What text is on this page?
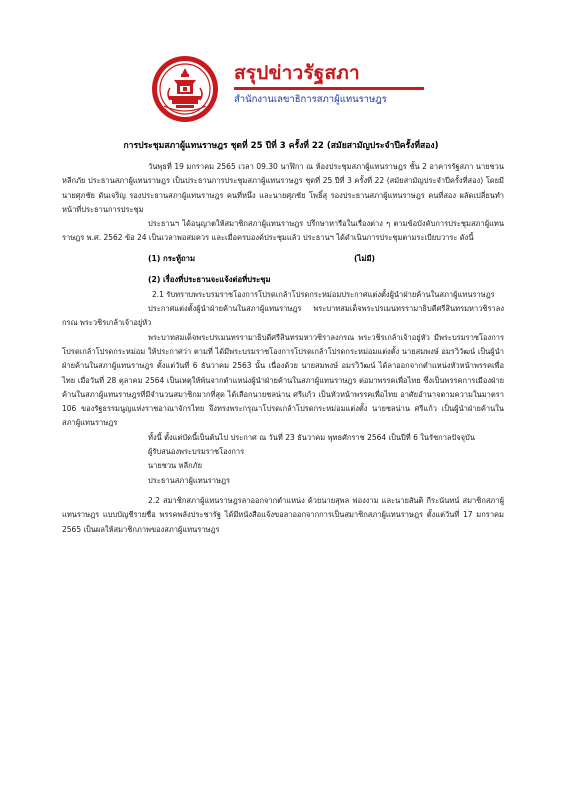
สรุปข่าวรัฐสภา
สำนักงานเลขาธิการสภาผู้แทนราษฎร
การประชุมสภาผู้แทนราษฎร ชุดที่ 25 ปีที่ 3 ครั้งที่ 22 (สมัยสามัญประจำปีครั้งที่สอง)

วันพุธที่ 19 มกราคม 2565 เวลา 09.30 นาฬิกา ณ ห้องประชุมสภาผู้แทนราษฎร ชั้น 2 อาคารรัฐสภา นายชวน หลีกภัย ประธานสภาผู้แทนราษฎร เป็นประธานการประชุมสภาผู้แทนราษฎร ชุดที่ 25 ปีที่ 3 ครั้งที่ 22 (สมัยสามัญประจำปีครั้งที่สอง) โดยมี นายศุภชัย ดันเจริญ รองประธานสภาผู้แทนราษฎร คนที่หนึ่ง และนายศุภชัย โพธิ์สุ รองประธานสภาผู้แทนราษฎร คนที่สอง ผลัดเปลี่ยนทำหน้าที่ประธานการประชุม

ประธานฯ ได้อนุญาตให้สมาชิกสภาผู้แทนราษฎร ปรึกษาหารือในเรื่องต่าง ๆ ตามข้อบังคับการประชุมสภาผู้แทนราษฎร พ.ศ. 2562 ข้อ 24 เป็นเวลาพอสมควร และเมื่อครบองค์ประชุมแล้ว ประธานฯ ได้ดำเนินการประชุมตามระเบียบวาระ ดังนี้

(1) กระทู้ถาม	(ไม่มี)
(2) เรื่องที่ประธานจะแจ้งต่อที่ประชุม

2.1 รับทราบพระบรมราชโองการโปรดเกล้าโปรดกระหม่อมประกาศแต่งตั้งผู้นำฝ่ายค้านในสภาผู้แทนราษฎร

ประกาศแต่งตั้งผู้นำฝ่ายค้านในสภาผู้แทนราษฎร พระบาทสมเด็จพระปรเมนทรรามาธิบดีศรีสินทรมหาวชิราลงกรณ พระวชิรเกล้าเจ้าอยู่หัว

พระบาทสมเด็จพระปรเมนทรรามาธิบดีศรีสินทรมหาวชิราลงกรณ พระวชิรเกล้าเจ้าอยู่หัว มีพระบรมราชโองการโปรดเกล้าโปรดกระหม่อม ให้ประกาศว่า ตามที่ ได้มีพระบรมราชโองการโปรดเกล้าโปรดกระหม่อมแต่งตั้ง นายสมพงษ์ อมรวิวัฒน์ เป็นผู้นำฝ่ายค้านในสภาผู้แทนราษฎร ตั้งแต่วันที่ 6 ธันวาคม 2563 นั้น เนื่องด้วย นายสมพงษ์ อมรวิวัฒน์ ได้ลาออกจากตำแหน่งหัวหน้าพรรคเพื่อไทย เมื่อวันที่ 28 ตุลาคม 2564 เป็นเหตุให้พ้นจากตำแหน่งผู้นำฝ่ายค้านในสภาผู้แทนราษฎร ต่อมาพรรคเพื่อไทย ซึ่งเป็นพรรคการเมืองฝ่ายค้านในสภาผู้แทนราษฎรที่มีจำนวนสมาชิกมากที่สุด ได้เลือกนายชลน่าน ศรีแก้ว เป็นหัวหน้าพรรคเพื่อไทย อาศัยอำนาจตามความในมาตรา 106 ของรัฐธรรมนูญแห่งราชอาณาจักรไทย จึงทรงพระกรุณาโปรดเกล้าโปรดกระหม่อมแต่งตั้ง นายชลน่าน ศรีแก้ว เป็นผู้นำฝ่ายค้านในสภาผู้แทนราษฎร

ทั้งนี้ ตั้งแต่บัดนี้เป็นต้นไป ประกาศ ณ วันที่ 23 ธันวาคม พุทธศักราช 2564 เป็นปีที่ 6 ในรัชกาลปัจจุบัน

ผู้รับสนองพระบรมราชโองการ

นายชวน หลีกภัย

ประธานสภาผู้แทนราษฎร

2.2 สมาชิกสภาผู้แทนราษฎรลาออกจากตำแหน่ง ด้วยนายสุพล ฟองงาม และนายสันติ กีระนันทน์ สมาชิกสภาผู้แทนราษฎร แบบบัญชีรายชื่อ พรรคพลังประชารัฐ ได้มีหนังสือแจ้งขอลาออกจากการเป็นสมาชิกสภาผู้แทนราษฎร ตั้งแต่วันที่ 17 มกราคม 2565 เป็นผลให้สมาชิกภาพของสภาผู้แทนราษฎร
